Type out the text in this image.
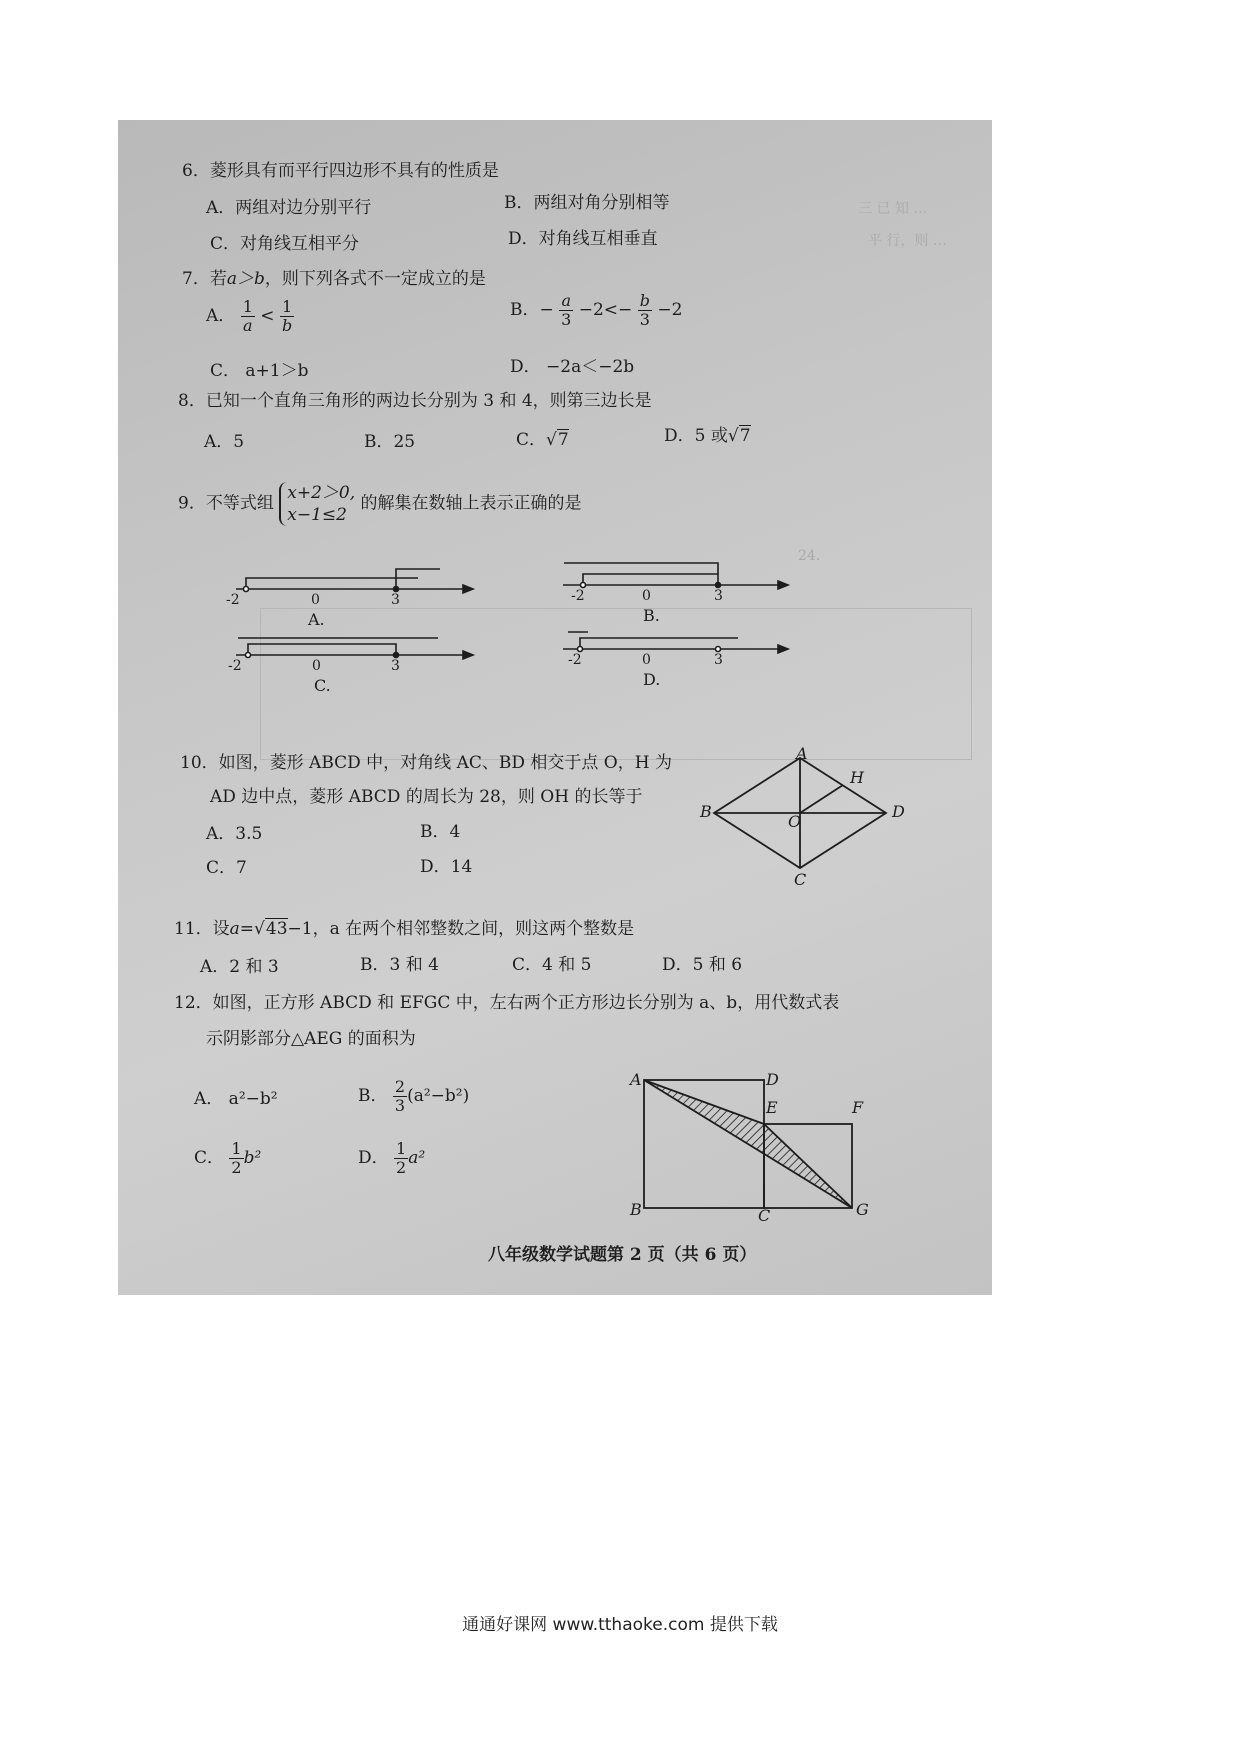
三 已 知 …
平 行，则 …
24．
6．菱形具有而平行四边形不具有的性质是
A．两组对边分别平行	B．两组对角分别相等
C．对角线互相平分	D．对角线互相垂直
7．若a＞b，则下列各式不一定成立的是
A． $\frac{1}{a} < \frac{1}{b}$	B．− $\frac{a}{3} -2<- \frac{b}{3} -2$
C． a+1＞b	D． −2a＜−2b
8．已知一个直角三角形的两边长分别为 3 和 4，则第三边长是
A．5	B．25	C．√7	D．5 或√7
9．不等式组
x+2＞0,
x−1≤2
的解集在数轴上表示正确的是
-2	0	3
A.
-2	0	3
B.
-2	0	3
C.
-2	0	3
D.
10．如图，菱形 ABCD 中，对角线 AC、BD 相交于点 O，H 为
AD 边中点，菱形 ABCD 的周长为 28，则 OH 的长等于
A．3.5	B．4
C．7	D．14
A
B
C
D
O
H
11．设a=√43−1，a 在两个相邻整数之间，则这两个整数是
A．2 和 3	B．3 和 4	C．4 和 5	D．5 和 6
12．如图，正方形 ABCD 和 EFGC 中，左右两个正方形边长分别为 a、b，用代数式表
示阴影部分△AEG 的面积为
A． a²−b²	B． $\frac{2}{3} (a^2-b^2)$
C． $\frac{1}{2} b^2$	D． $\frac{1}{2} a^2$
A	D
E	F
B	C	G
八年级数学试题第 2 页（共 6 页）
通通好课网 www.tthaoke.com 提供下载
